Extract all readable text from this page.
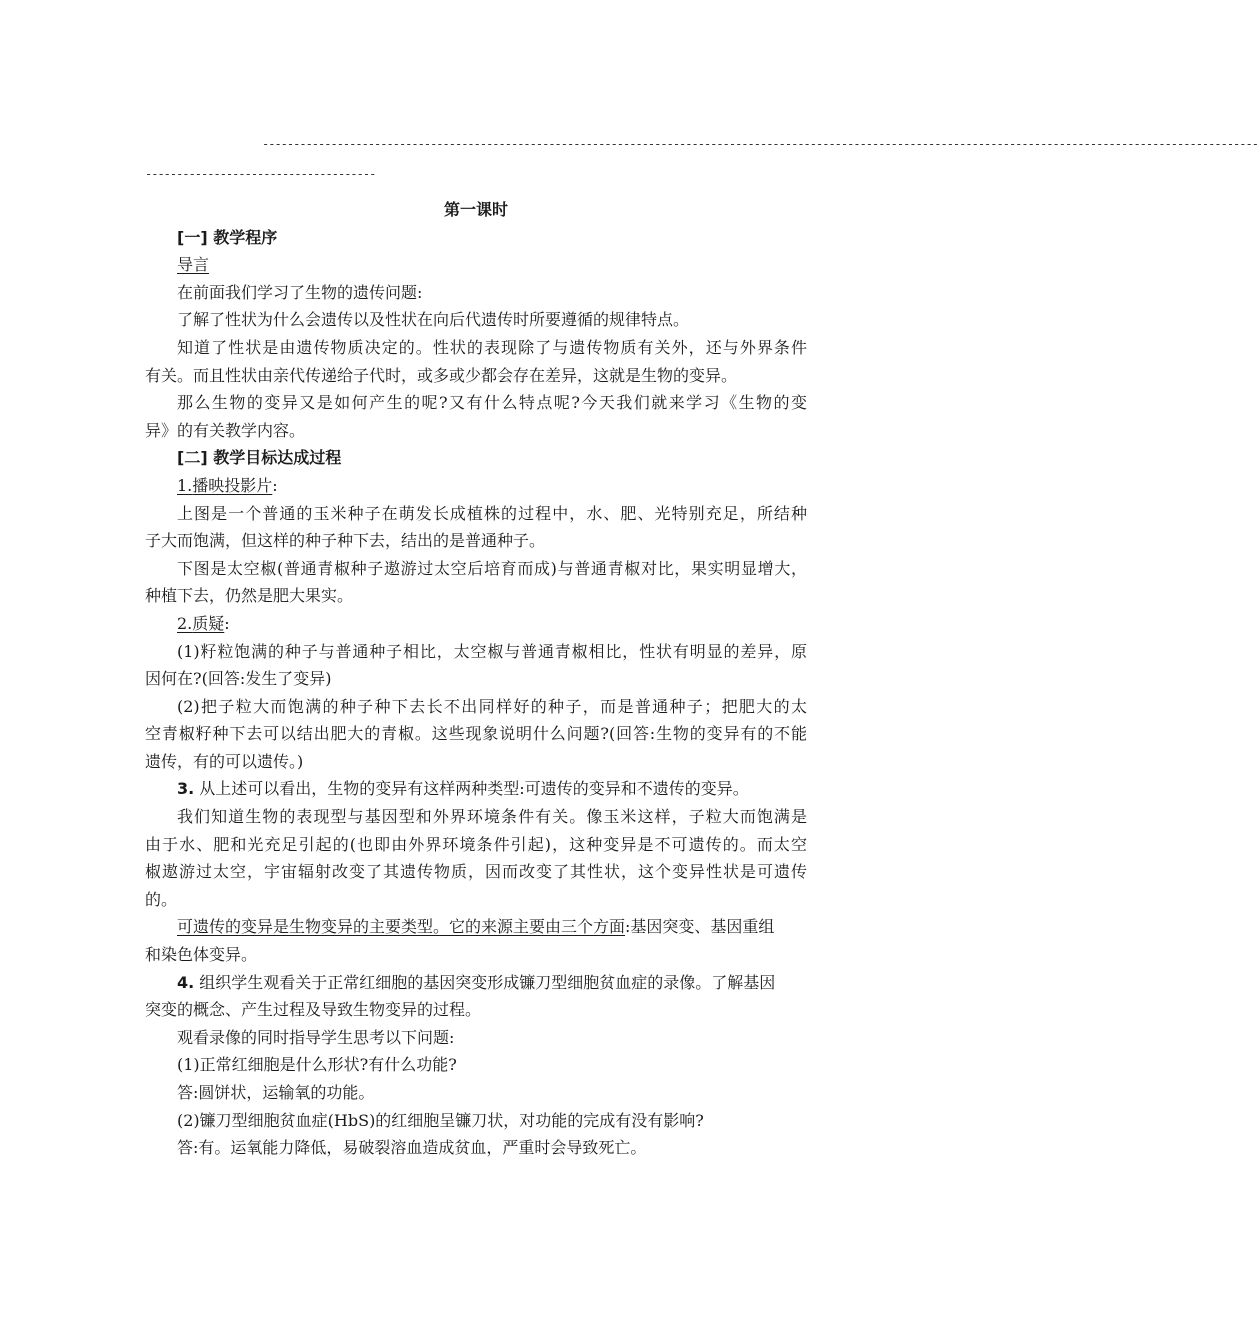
----------------------------------------------------------------------------------------------------------------------------------------------------------------
-------------------------------------

第一课时

[一] 教学程序

导言

在前面我们学习了生物的遗传问题:

了解了性状为什么会遗传以及性状在向后代遗传时所要遵循的规律特点。

知道了性状是由遗传物质决定的。性状的表现除了与遗传物质有关外，还与外界条件

有关。而且性状由亲代传递给子代时，或多或少都会存在差异，这就是生物的变异。

那么生物的变异又是如何产生的呢?又有什么特点呢?今天我们就来学习《生物的变

异》的有关教学内容。

[二] 教学目标达成过程

1.播映投影片:

上图是一个普通的玉米种子在萌发长成植株的过程中，水、肥、光特别充足，所结种

子大而饱满，但这样的种子种下去，结出的是普通种子。

下图是太空椒(普通青椒种子遨游过太空后培育而成)与普通青椒对比，果实明显增大，

种植下去，仍然是肥大果实。

2.质疑:

(1)籽粒饱满的种子与普通种子相比，太空椒与普通青椒相比，性状有明显的差异，原

因何在?(回答:发生了变异)

(2)把子粒大而饱满的种子种下去长不出同样好的种子，而是普通种子；把肥大的太

空青椒籽种下去可以结出肥大的青椒。这些现象说明什么问题?(回答:生物的变异有的不能

遗传，有的可以遗传。)

3. 从上述可以看出，生物的变异有这样两种类型:可遗传的变异和不遗传的变异。

我们知道生物的表现型与基因型和外界环境条件有关。像玉米这样，子粒大而饱满是

由于水、肥和光充足引起的(也即由外界环境条件引起)，这种变异是不可遗传的。而太空

椒遨游过太空，宇宙辐射改变了其遗传物质，因而改变了其性状，这个变异性状是可遗传

的。

可遗传的变异是生物变异的主要类型。它的来源主要由三个方面:基因突变、基因重组

和染色体变异。

4. 组织学生观看关于正常红细胞的基因突变形成镰刀型细胞贫血症的录像。了解基因

突变的概念、产生过程及导致生物变异的过程。

观看录像的同时指导学生思考以下问题:

(1)正常红细胞是什么形状?有什么功能?

答:圆饼状，运输氧的功能。

(2)镰刀型细胞贫血症(HbS)的红细胞呈镰刀状，对功能的完成有没有影响?

答:有。运氧能力降低，易破裂溶血造成贫血，严重时会导致死亡。
